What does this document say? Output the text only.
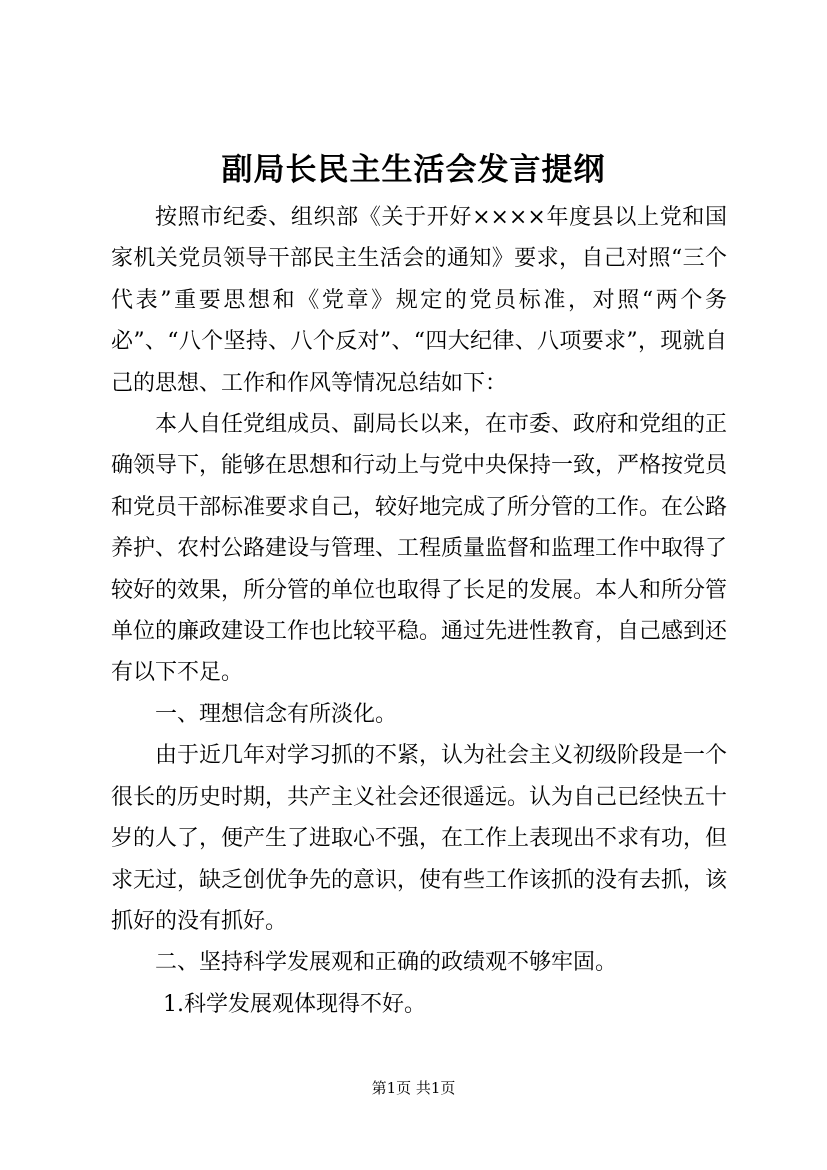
副局长民主生活会发言提纲

按照市纪委、组织部《关于开好××××年度县以上党和国家机关党员领导干部民主生活会的通知》要求，自己对照“三个代表”重要思想和《党章》规定的党员标准，对照“两个务必”、“八个坚持、八个反对”、“四大纪律、八项要求”，现就自己的思想、工作和作风等情况总结如下：

本人自任党组成员、副局长以来，在市委、政府和党组的正确领导下，能够在思想和行动上与党中央保持一致，严格按党员和党员干部标准要求自己，较好地完成了所分管的工作。在公路养护、农村公路建设与管理、工程质量监督和监理工作中取得了较好的效果，所分管的单位也取得了长足的发展。本人和所分管单位的廉政建设工作也比较平稳。通过先进性教育，自己感到还有以下不足。

一、理想信念有所淡化。

由于近几年对学习抓的不紧，认为社会主义初级阶段是一个很长的历史时期，共产主义社会还很遥远。认为自己已经快五十岁的人了，便产生了进取心不强，在工作上表现出不求有功，但求无过，缺乏创优争先的意识，使有些工作该抓的没有去抓，该抓好的没有抓好。

二、坚持科学发展观和正确的政绩观不够牢固。

1.科学发展观体现得不好。

第1页 共1页
